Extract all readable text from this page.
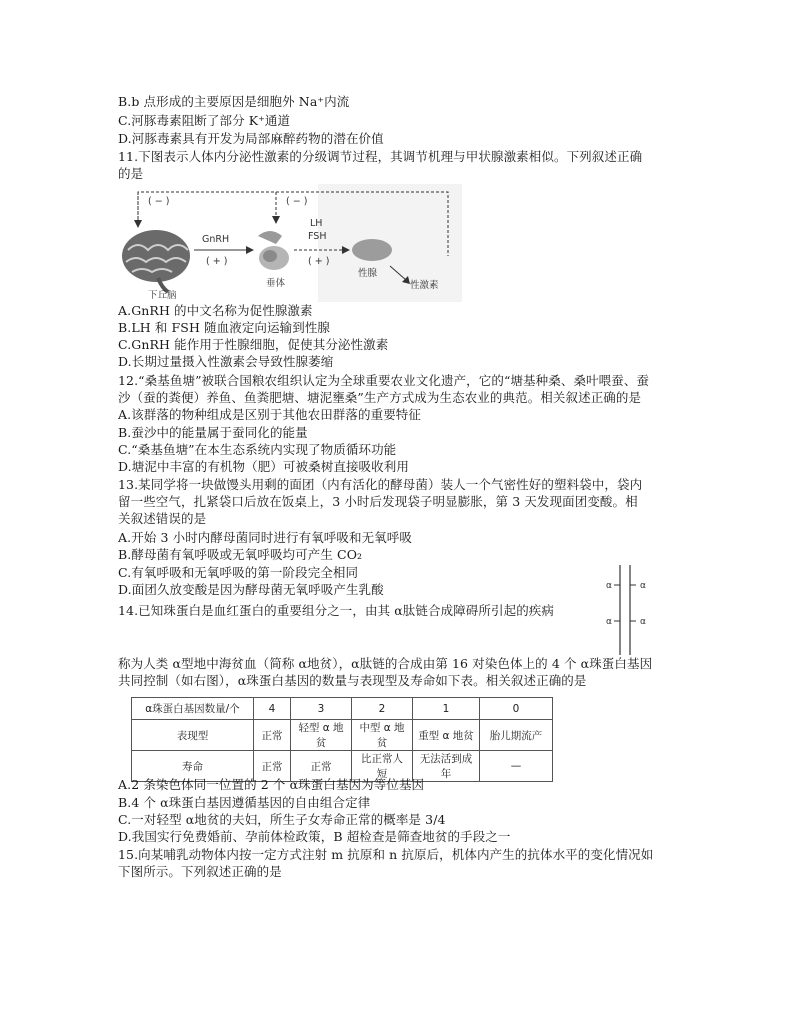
B.b 点形成的主要原因是细胞外 Na⁺内流
C.河豚毒素阻断了部分 K⁺通道
D.河豚毒素具有开发为局部麻醉药物的潜在价值
11.下图表示人体内分泌性激素的分级调节过程，其调节机理与甲状腺激素相似。下列叙述正确
的是
( − )	( − )
下丘脑
GnRH
( + )
垂体
LH
FSH
( + )
性腺
性激素
A.GnRH 的中文名称为促性腺激素
B.LH 和 FSH 随血液定向运输到性腺
C.GnRH 能作用于性腺细胞，促使其分泌性激素
D.长期过量摄入性激素会导致性腺萎缩
12.“桑基鱼塘”被联合国粮农组织认定为全球重要农业文化遗产，它的“塘基种桑、桑叶喂蚕、蚕
沙（蚕的粪便）养鱼、鱼粪肥塘、塘泥壅桑”生产方式成为生态农业的典范。相关叙述正确的是
A.该群落的物种组成是区别于其他农田群落的重要特征
B.蚕沙中的能量属于蚕同化的能量
C.“桑基鱼塘”在本生态系统内实现了物质循环功能
D.塘泥中丰富的有机物（肥）可被桑树直接吸收利用
13.某同学将一块做馒头用剩的面团（内有活化的酵母菌）装人一个气密性好的塑料袋中，袋内
留一些空气，扎紧袋口后放在饭桌上，3 小时后发现袋子明显膨胀，第 3 天发现面团变酸。相
关叙述错误的是
A.开始 3 小时内酵母菌同时进行有氧呼吸和无氧呼吸
B.酵母菌有氧呼吸或无氧呼吸均可产生 CO₂
C.有氧呼吸和无氧呼吸的第一阶段完全相同
D.面团久放变酸是因为酵母菌无氧呼吸产生乳酸	α	α
α	α
14.已知珠蛋白是血红蛋白的重要组分之一，由其 α肽链合成障碍所引起的疾病
称为人类 α型地中海贫血（简称 α地贫），α肽链的合成由第 16 对染色体上的 4 个 α珠蛋白基因
共同控制（如右图），α珠蛋白基因的数量与表现型及寿命如下表。相关叙述正确的是
α珠蛋白基因数量/个	4	3	2	1	0
表现型	正常	轻型 α 地贫	中型 α 地贫	重型 α 地贫	胎儿期流产
寿命	正常	正常	比正常人短	无法活到成年	—
A.2 条染色体同一位置的 2 个 α珠蛋白基因为等位基因
B.4 个 α珠蛋白基因遵循基因的自由组合定律
C.一对轻型 α地贫的夫妇，所生子女寿命正常的概率是 3/4
D.我国实行免费婚前、孕前体检政策，B 超检查是筛查地贫的手段之一
15.向某哺乳动物体内按一定方式注射 m 抗原和 n 抗原后，机体内产生的抗体水平的变化情况如
下图所示。下列叙述正确的是
